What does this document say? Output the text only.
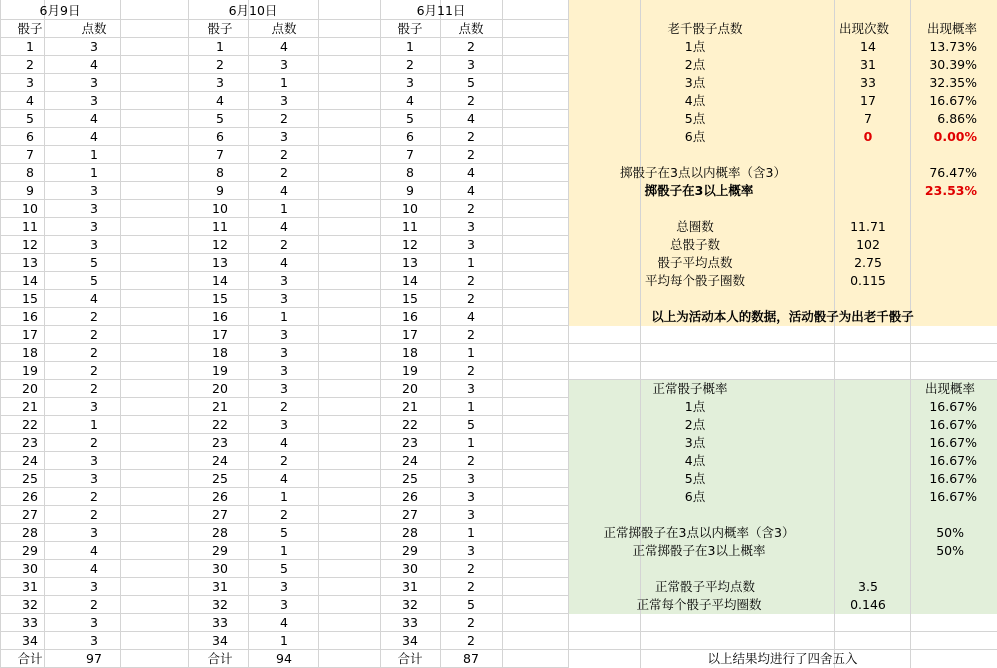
6月9日
骰子	点数
1	3
2	4
3	3
4	3
5	4
6	4
7	1
8	1
9	3
10	3
11	3
12	3
13	5
14	5
15	4
16	2
17	2
18	2
19	2
20	2
21	3
22	1
23	2
24	3
25	3
26	2
27	2
28	3
29	4
30	4
31	3
32	2
33	3
34	3
合计	97
6月10日
骰子	点数
1	4
2	3
3	1
4	3
5	2
6	3
7	2
8	2
9	4
10	1
11	4
12	2
13	4
14	3
15	3
16	1
17	3
18	3
19	3
20	3
21	2
22	3
23	4
24	2
25	4
26	1
27	2
28	5
29	1
30	5
31	3
32	3
33	4
34	1
合计	94
6月11日
骰子	点数
1	2
2	3
3	5
4	2
5	4
6	2
7	2
8	4
9	4
10	2
11	3
12	3
13	1
14	2
15	2
16	4
17	2
18	1
19	2
20	3
21	1
22	5
23	1
24	2
25	3
26	3
27	3
28	1
29	3
30	2
31	2
32	5
33	2
34	2
合计	87
老千骰子点数	出现次数	出现概率
1点	14	13.73%
2点	31	30.39%
3点	33	32.35%
4点	17	16.67%
5点	7	6.86%
6点	0	0.00%
掷骰子在3点以内概率（含3）	76.47%
掷骰子在3以上概率	23.53%
总圈数	11.71
总骰子数	102
骰子平均点数	2.75
平均每个骰子圈数	0.115
以上为活动本人的数据，活动骰子为出老千骰子
正常骰子概率	出现概率
1点	16.67%
2点	16.67%
3点	16.67%
4点	16.67%
5点	16.67%
6点	16.67%
正常掷骰子在3点以内概率（含3）	50%
正常掷骰子在3以上概率	50%
正常骰子平均点数	3.5
正常每个骰子平均圈数	0.146
以上结果均进行了四舍五入
